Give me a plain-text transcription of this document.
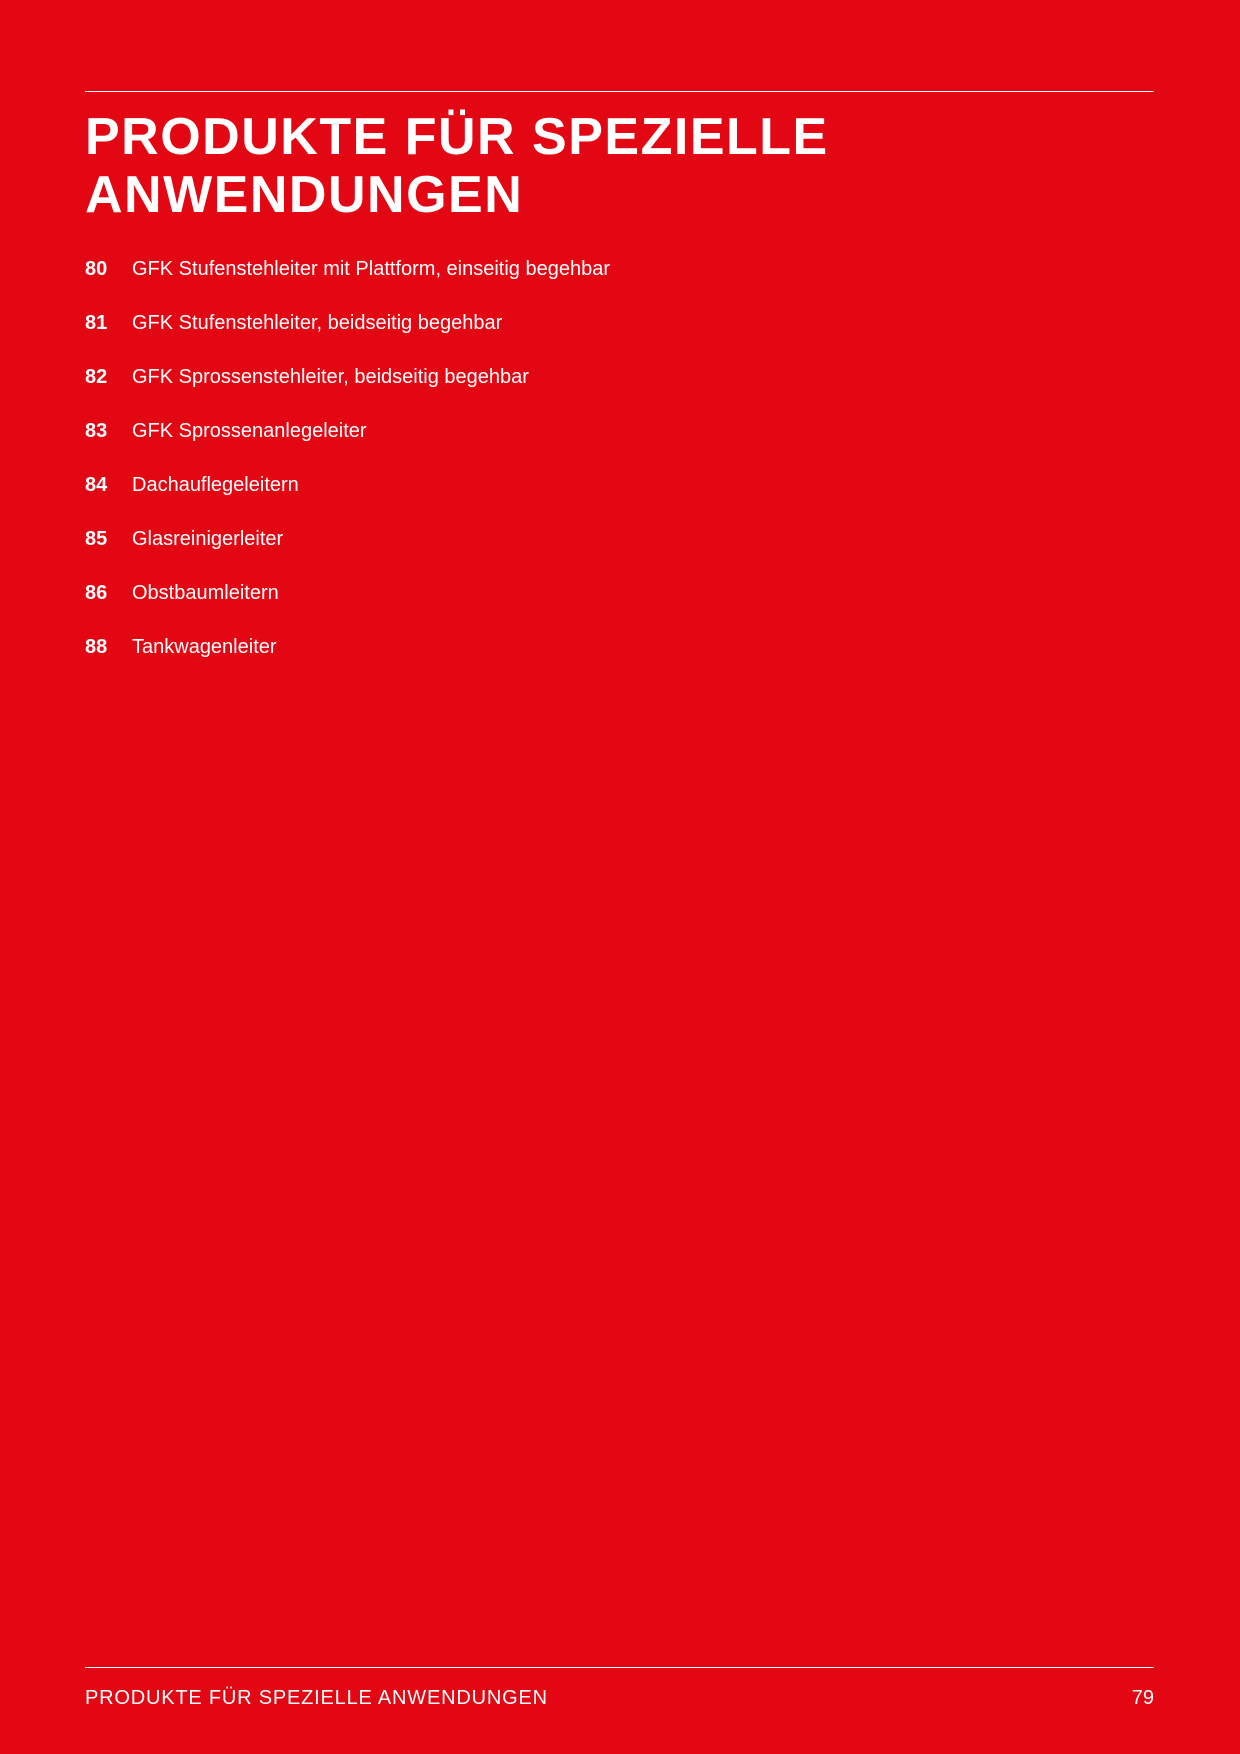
PRODUKTE FÜR SPEZIELLE
ANWENDUNGEN
80	GFK Stufenstehleiter mit Plattform, einseitig begehbar
81	GFK Stufenstehleiter, beidseitig begehbar
82	GFK Sprossenstehleiter, beidseitig begehbar
83	GFK Sprossenanlegeleiter
84	Dachauflegeleitern
85	Glasreinigerleiter
86	Obstbaumleitern
88	Tankwagenleiter
PRODUKTE FÜR SPEZIELLE ANWENDUNGEN	79
